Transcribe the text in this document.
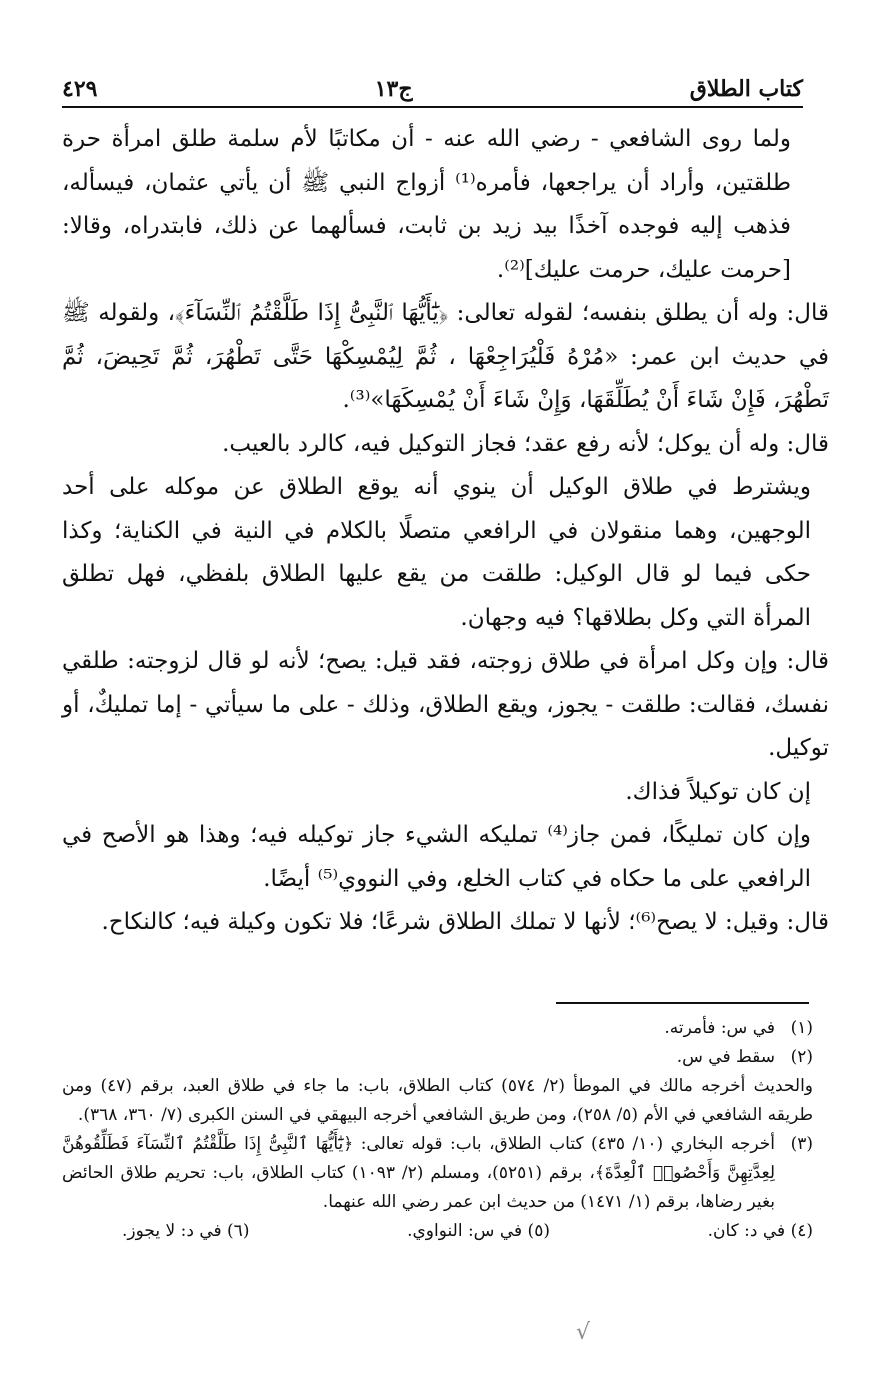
كتاب الطلاق
ج١٣
٤٢٩

ولما روى الشافعي - رضي الله عنه - أن مكاتبًا لأم سلمة طلق امرأة حرة طلقتين، وأراد أن يراجعها، فأمره⁽¹⁾ أزواج النبي ﷺ أن يأتي عثمان، فيسأله، فذهب إليه فوجده آخذًا بيد زيد بن ثابت، فسألهما عن ذلك، فابتدراه، وقالا: [حرمت عليك، حرمت عليك]⁽²⁾.

قال: وله أن يطلق بنفسه؛ لقوله تعالى: ﴿يَٰٓأَيُّهَا ٱلنَّبِىُّ إِذَا طَلَّقْتُمُ ٱلنِّسَآءَ﴾، ولقوله ﷺ في حديث ابن عمر: «مُرْهُ فَلْيُرَاجِعْهَا ، ثُمَّ لِيُمْسِكْهَا حَتَّى تَطْهُرَ، ثُمَّ تَحِيضَ، ثُمَّ تَطْهُرَ، فَإِنْ شَاءَ أَنْ يُطَلِّقَهَا، وَإِنْ شَاءَ أَنْ يُمْسِكَهَا»⁽³⁾.

قال: وله أن يوكل؛ لأنه رفع عقد؛ فجاز التوكيل فيه، كالرد بالعيب.

ويشترط في طلاق الوكيل أن ينوي أنه يوقع الطلاق عن موكله على أحد الوجهين، وهما منقولان في الرافعي متصلًا بالكلام في النية في الكناية؛ وكذا حكى فيما لو قال الوكيل: طلقت من يقع عليها الطلاق بلفظي، فهل تطلق المرأة التي وكل بطلاقها؟ فيه وجهان.

قال: وإن وكل امرأة في طلاق زوجته، فقد قيل: يصح؛ لأنه لو قال لزوجته: طلقي نفسك، فقالت: طلقت - يجوز، ويقع الطلاق، وذلك - على ما سيأتي - إما تمليكٌ، أو توكيل.

إن كان توكيلاً فذاك.

وإن كان تمليكًا، فمن جاز⁽⁴⁾ تمليكه الشيء جاز توكيله فيه؛ وهذا هو الأصح في الرافعي على ما حكاه في كتاب الخلع، وفي النووي⁽⁵⁾ أيضًا.

قال: وقيل: لا يصح⁽⁶⁾؛ لأنها لا تملك الطلاق شرعًا؛ فلا تكون وكيلة فيه؛ كالنكاح.

(١)
في س: فأمرته.
(٢)
سقط في س.
والحديث أخرجه مالك في الموطأ (٢/ ٥٧٤) كتاب الطلاق، باب: ما جاء في طلاق العبد، برقم (٤٧) ومن طريقه الشافعي في الأم (٥/ ٢٥٨)، ومن طريق الشافعي أخرجه البيهقي في السنن الكبرى (٧/ ٣٦٠، ٣٦٨).
(٣)
أخرجه البخاري (١٠/ ٤٣٥) كتاب الطلاق، باب: قوله تعالى: ﴿يَٰٓأَيُّهَا ٱلنَّبِىُّ إِذَا طَلَّقْتُمُ ٱلنِّسَآءَ فَطَلِّقُوهُنَّ لِعِدَّتِهِنَّ وَأَحْصُوا۟ ٱلْعِدَّةَ﴾، برقم (٥٢٥١)، ومسلم (٢/ ١٠٩٣) كتاب الطلاق، باب: تحريم طلاق الحائض بغير رضاها، برقم (١/ ١٤٧١) من حديث ابن عمر رضي الله عنهما.
(٤) في د: كان.
(٥) في س: النواوي.
(٦) في د: لا يجوز.
√
